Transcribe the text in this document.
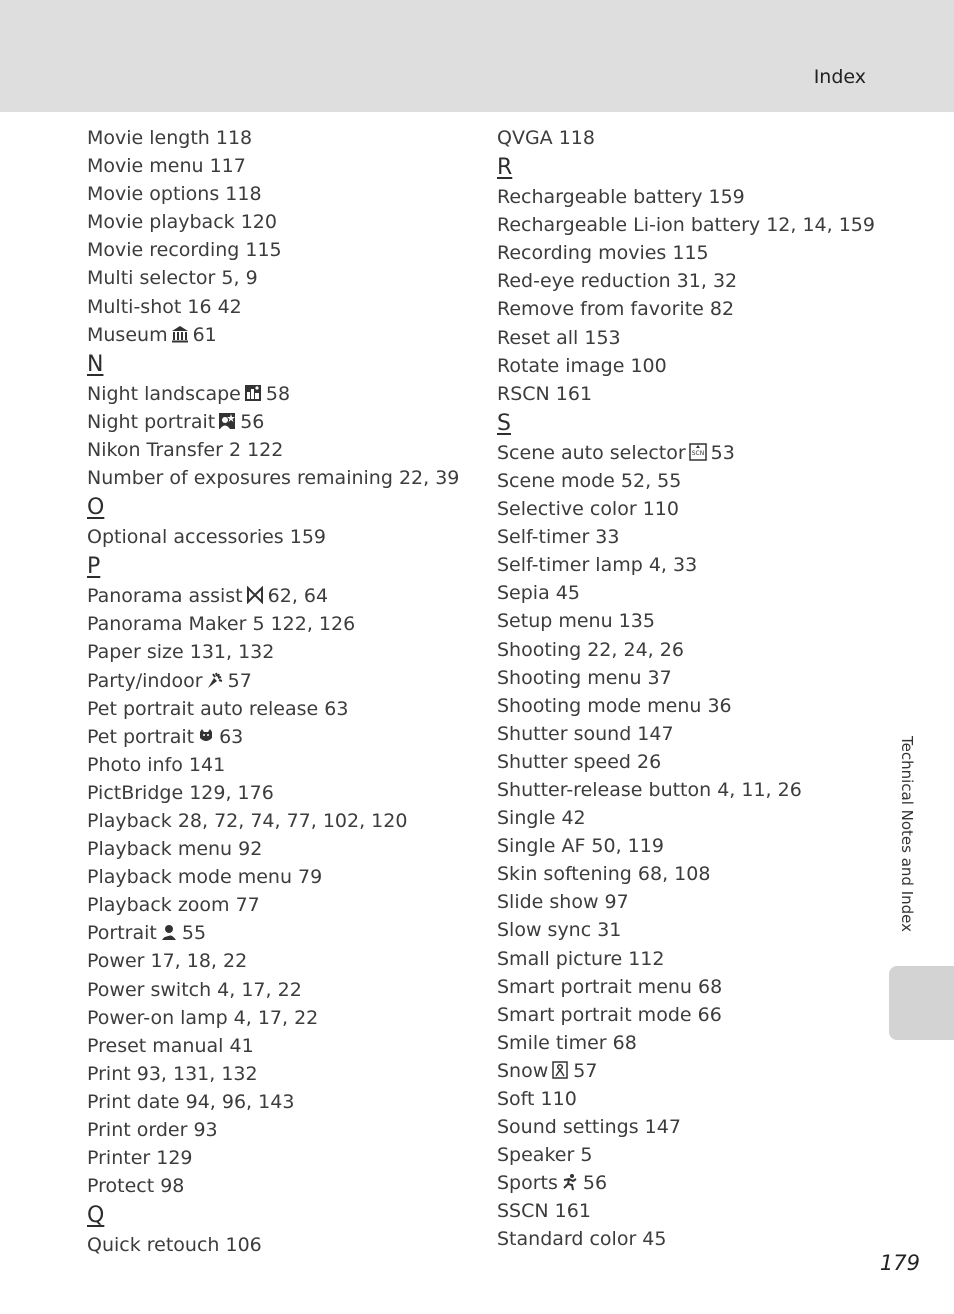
Index
Movie length 118
Movie menu 117
Movie options 118
Movie playback 120
Movie recording 115
Multi selector 5, 9
Multi-shot 16 42
Museum 61
N
Night landscape 58
Night portrait 56
Nikon Transfer 2 122
Number of exposures remaining 22, 39
O
Optional accessories 159
P
Panorama assist 62, 64
Panorama Maker 5 122, 126
Paper size 131, 132
Party/indoor 57
Pet portrait auto release 63
Pet portrait 63
Photo info 141
PictBridge 129, 176
Playback 28, 72, 74, 77, 102, 120
Playback menu 92
Playback mode menu 79
Playback zoom 77
Portrait 55
Power 17, 18, 22
Power switch 4, 17, 22
Power-on lamp 4, 17, 22
Preset manual 41
Print 93, 131, 132
Print date 94, 96, 143
Print order 93
Printer 129
Protect 98
Q
Quick retouch 106
QVGA 118
R
Rechargeable battery 159
Rechargeable Li-ion battery 12, 14, 159
Recording movies 115
Red-eye reduction 31, 32
Remove from favorite 82
Reset all 153
Rotate image 100
RSCN 161
S
Scene auto selector SCN 53
Scene mode 52, 55
Selective color 110
Self-timer 33
Self-timer lamp 4, 33
Sepia 45
Setup menu 135
Shooting 22, 24, 26
Shooting menu 37
Shooting mode menu 36
Shutter sound 147
Shutter speed 26
Shutter-release button 4, 11, 26
Single 42
Single AF 50, 119
Skin softening 68, 108
Slide show 97
Slow sync 31
Small picture 112
Smart portrait menu 68
Smart portrait mode 66
Smile timer 68
Snow 57
Soft 110
Sound settings 147
Speaker 5
Sports 56
SSCN 161
Standard color 45
Technical Notes and Index
179
